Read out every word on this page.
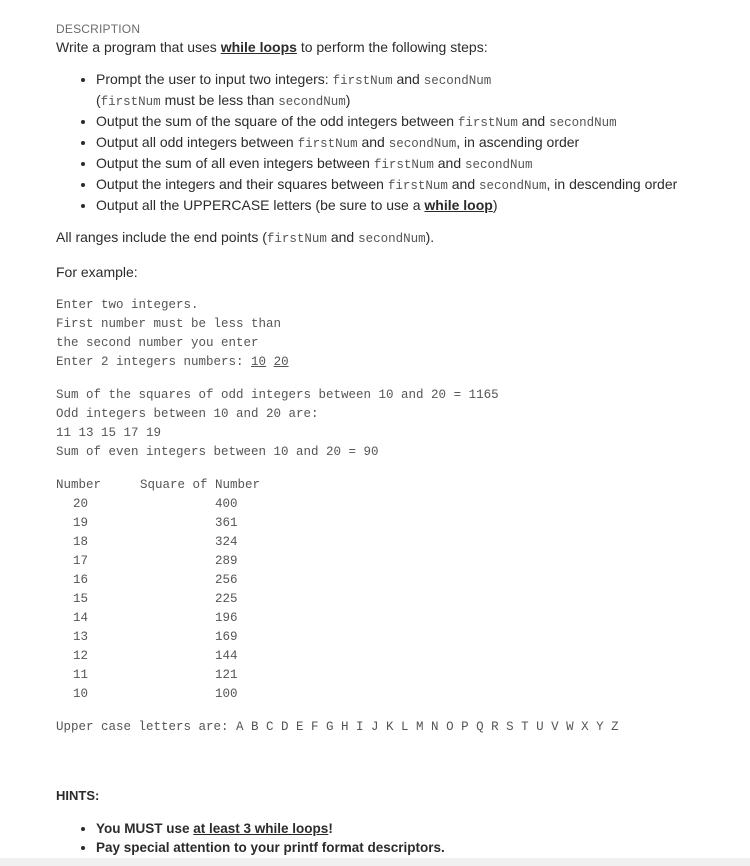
DESCRIPTION
Write a program that uses while loops to perform the following steps:
• Prompt the user to input two integers: firstNum and secondNum
(firstNum must be less than secondNum)
• Output the sum of the square of the odd integers between firstNum and secondNum
• Output all odd integers between firstNum and secondNum, in ascending order
• Output the sum of all even integers between firstNum and secondNum
• Output the integers and their squares between firstNum and secondNum, in descending order
• Output all the UPPERCASE letters (be sure to use a while loop)
All ranges include the end points (firstNum and secondNum).
For example:
Enter two integers.
First number must be less than
the second number you enter
Enter 2 integers numbers: 10 20
Sum of the squares of odd integers between 10 and 20 = 1165
Odd integers between 10 and 20 are:
11 13 15 17 19
Sum of even integers between 10 and 20 = 90
Number	Square of Number
20	400
19	361
18	324
17	289
16	256
15	225
14	196
13	169
12	144
11	121
10	100
Upper case letters are: A B C D E F G H I J K L M N O P Q R S T U V W X Y Z
HINTS:
• You MUST use at least 3 while loops!
• Pay special attention to your printf format descriptors.
